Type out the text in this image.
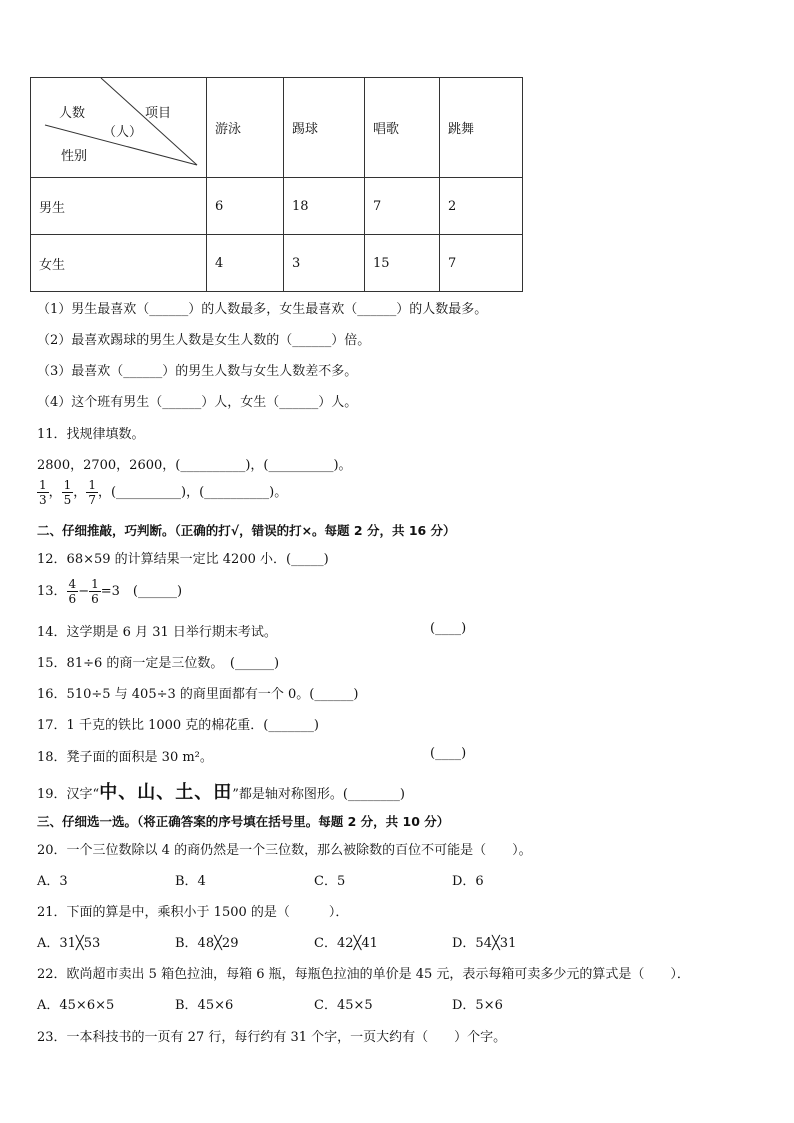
人数 项目
（人）
性别	游泳	踢球	唱歌	跳舞
男生	6	18	7	2
女生	4	3	15	7
（1）男生最喜欢（______）的人数最多，女生最喜欢（______）的人数最多。
（2）最喜欢踢球的男生人数是女生人数的（______）倍。
（3）最喜欢（______）的男生人数与女生人数差不多。
（4）这个班有男生（______）人，女生（______）人。
11．找规律填数。
2800，2700，2600，(__________)，(__________)。
$\frac{1}{3}$ ， $\frac{1}{5}$ ， $\frac{1}{7}$ ，(__________)，(__________)。
二、仔细推敲，巧判断。（正确的打√，错误的打×。每题 2 分，共 16 分）
12．68×59 的计算结果一定比 4200 小．(_____)
13． $\frac{4}{6} - \frac{1}{6} =3$　(______)
14．这学期是 6 月 31 日举行期末考试。	(____)
15．81÷6 的商一定是三位数。　(______)
16．510÷5 与 405÷3 的商里面都有一个 0。(______)
17．1 千克的铁比 1000 克的棉花重．(_______)
18．凳子面的面积是 30 m²。	(____)
19．汉字“中、山、土、田”都是轴对称图形。(________)
三、仔细选一选。（将正确答案的序号填在括号里。每题 2 分，共 10 分）
20．一个三位数除以 4 的商仍然是一个三位数，那么被除数的百位不可能是（　　）。
A．3	B．4	C．5	D．6
21．下面的算是中，乘积小于 1500 的是（　　　）．
A．31╳53	B．48╳29	C．42╳41	D．54╳31
22．欧尚超市卖出 5 箱色拉油，每箱 6 瓶，每瓶色拉油的单价是 45 元，表示每箱可卖多少元的算式是（　　）．
A．45×6×5	B．45×6	C．45×5	D．5×6
23．一本科技书的一页有 27 行，每行约有 31 个字，一页大约有（　　）个字。
